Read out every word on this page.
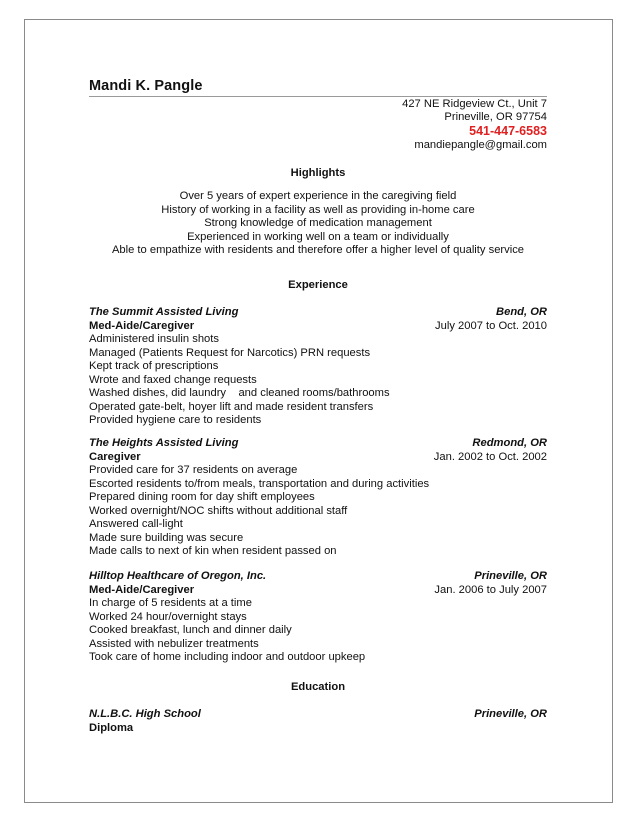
Mandi K. Pangle
427 NE Ridgeview Ct., Unit 7
Prineville, OR 97754
541-447-6583
mandiepangle@gmail.com
Highlights
Over 5 years of expert experience in the caregiving field
History of working in a facility as well as providing in-home care
Strong knowledge of medication management
Experienced in working well on a team or individually
Able to empathize with residents and therefore offer a higher level of quality service
Experience
The Summit Assisted Living	Bend, OR
Med-Aide/Caregiver	July 2007 to Oct. 2010
Administered insulin shots
Managed (Patients Request for Narcotics) PRN requests
Kept track of prescriptions
Wrote and faxed change requests
Washed dishes, did laundry    and cleaned rooms/bathrooms
Operated gate-belt, hoyer lift and made resident transfers
Provided hygiene care to residents
The Heights Assisted Living	Redmond, OR
Caregiver	Jan. 2002 to Oct. 2002
Provided care for 37 residents on average
Escorted residents to/from meals, transportation and during activities
Prepared dining room for day shift employees
Worked overnight/NOC shifts without additional staff
Answered call-light
Made sure building was secure
Made calls to next of kin when resident passed on
Hilltop Healthcare of Oregon, Inc.	Prineville, OR
Med-Aide/Caregiver	Jan. 2006 to July 2007
In charge of 5 residents at a time
Worked 24 hour/overnight stays
Cooked breakfast, lunch and dinner daily
Assisted with nebulizer treatments
Took care of home including indoor and outdoor upkeep
Education
N.L.B.C. High School	Prineville, OR
Diploma
